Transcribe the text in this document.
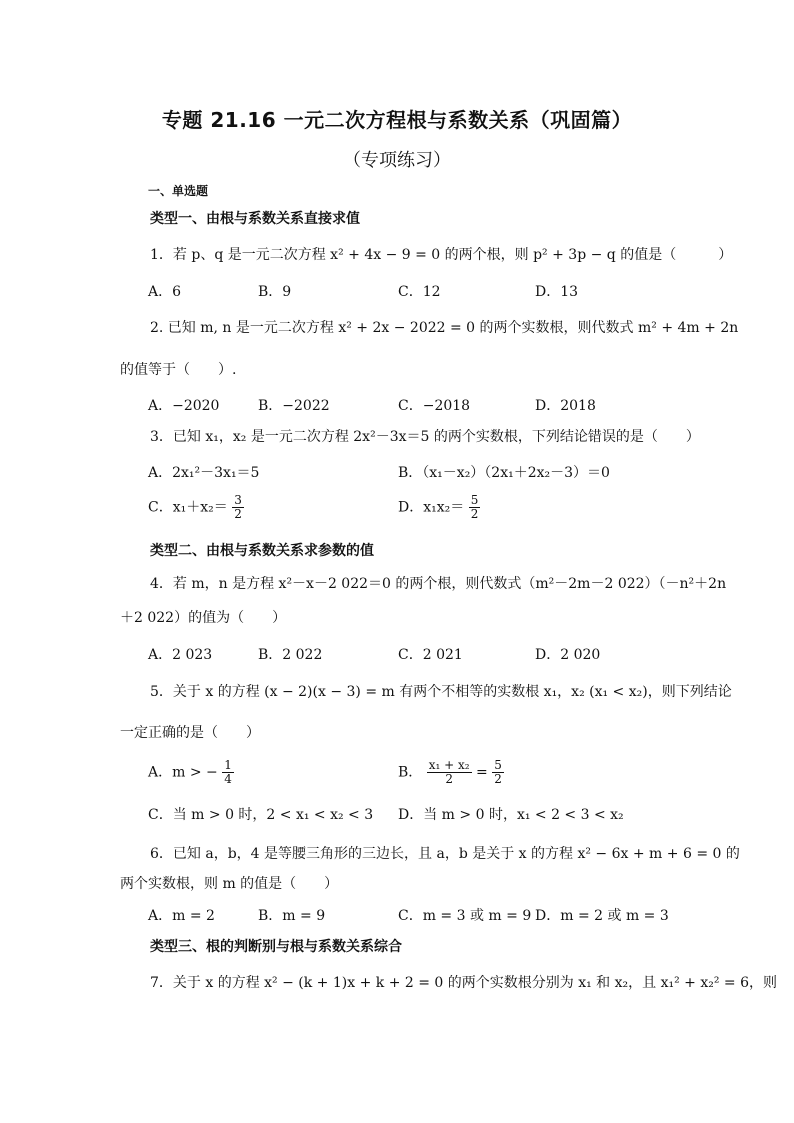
专题 21.16 一元二次方程根与系数关系（巩固篇）
（专项练习）
一、单选题
类型一、由根与系数关系直接求值
1．若 p、q 是一元二次方程 x² + 4x − 9 = 0 的两个根，则 p² + 3p − q 的值是（　　　）
A．6	B．9	C．12	D．13
2. 已知 m, n 是一元二次方程 x² + 2x − 2022 = 0 的两个实数根，则代数式 m² + 4m + 2n
的值等于（　　）.
A．−2020	B．−2022	C．−2018	D．2018
3．已知 x₁，x₂ 是一元二次方程 2x²－3x＝5 的两个实数根，下列结论错误的是（　　）
A．2x₁²－3x₁＝5	B．（x₁－x₂）（2x₁＋2x₂－3）＝0
C．$x_1+x_2= \frac{3}{2}$	D．$x_1x_2= \frac{5}{2}$
类型二、由根与系数关系求参数的值
4．若 m，n 是方程 x²－x－2 022＝0 的两个根，则代数式（m²－2m－2 022）（－n²＋2n
＋2 022）的值为（　　）
A．2 023	B．2 022	C．2 021	D．2 020
5．关于 x 的方程 (x − 2)(x − 3) = m 有两个不相等的实数根 x₁，x₂ (x₁ < x₂)，则下列结论
一定正确的是（　　）
A．m > − $\frac{1}{4}$	B． $\frac{\text{x₁ + x₂}}{2} = \frac{5}{2}$
C．当 m > 0 时，2 < x₁ < x₂ < 3 D．当 m > 0 时，x₁ < 2 < 3 < x₂
6．已知 a，b，4 是等腰三角形的三边长，且 a，b 是关于 x 的方程 x² − 6x + m + 6 = 0 的
两个实数根，则 m 的值是（　　）
A．m = 2	B．m = 9	C．m = 3 或 m = 9 D．m = 2 或 m = 3
类型三、根的判断别与根与系数关系综合
7．关于 x 的方程 x² − (k + 1)x + k + 2 = 0 的两个实数根分别为 x₁ 和 x₂，且 x₁² + x₂² = 6，则
